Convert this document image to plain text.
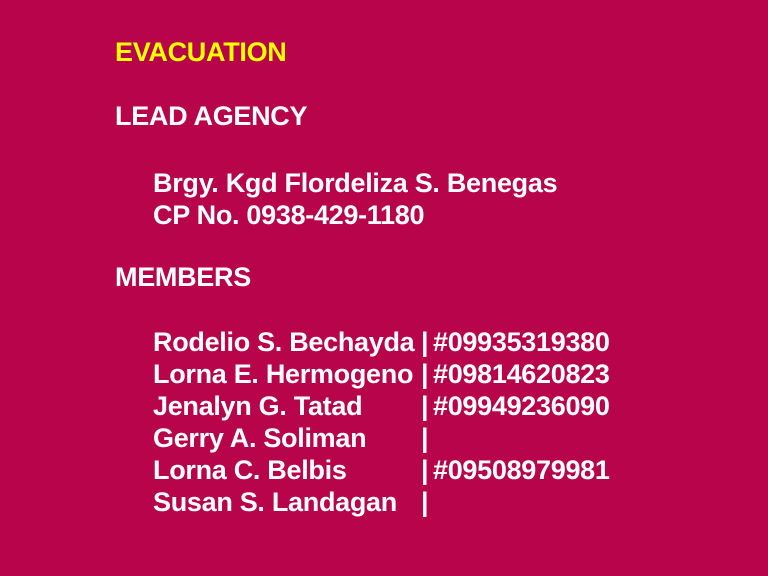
EVACUATION
LEAD AGENCY
Brgy. Kgd Flordeliza S. Benegas
CP No. 0938-429-1180
MEMBERS
Rodelio S. Bechayda | #09935319380
Lorna E. Hermogeno | #09814620823
Jenalyn G. Tatad	| #09949236090
Gerry A. Soliman	|
Lorna C. Belbis	| #09508979981
Susan S. Landagan |
